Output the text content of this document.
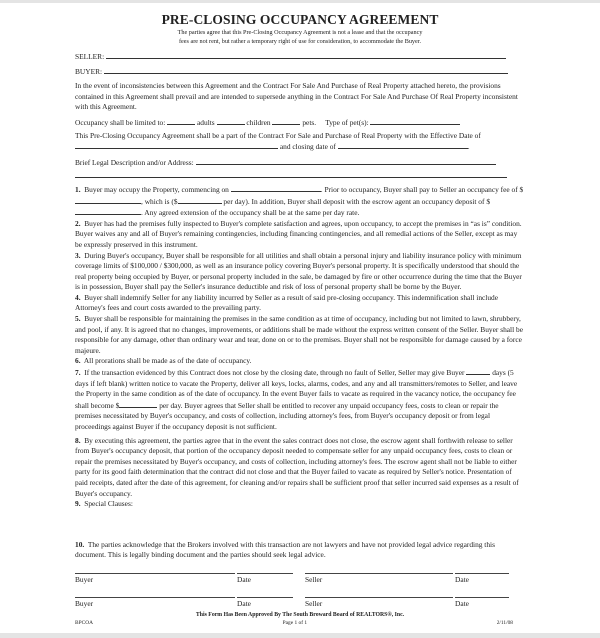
PRE-CLOSING OCCUPANCY AGREEMENT
The parties agree that this Pre-Closing Occupancy Agreement is not a lease and that the occupancy
fees are not rent, but rather a temporary right of use for consideration, to accommodate the Buyer.

SELLER:

BUYER:

In the event of inconsistencies between this Agreement and the Contract For Sale And Purchase of Real Property attached hereto, the provisions contained in this Agreement shall prevail and are intended to supersede anything in the Contract For Sale And Purchase Of Real Property inconsistent with this Agreement.

Occupancy shall be limited to:	adults	children	pets. Type of pet(s):

This Pre-Closing Occupancy Agreement shall be a part of the Contract For Sale and Purchase of Real Property with the Effective Date of
and closing date of	.

Brief Legal Description and/or Address:

1. Buyer may occupy the Property, commencing on	. Prior to occupancy, Buyer shall pay to Seller an occupancy fee of $, which is ($	per day). In addition, Buyer shall deposit with the escrow agent an occupancy deposit of $. Any agreed extension of the occupancy shall be at the same per day rate.

2. Buyer has had the premises fully inspected to Buyer's complete satisfaction and agrees, upon occupancy, to accept the premises in “as is” condition. Buyer waives any and all of Buyer's remaining contingencies, including financing contingencies, and all remedial actions of the Seller, except as may be expressly preserved in this instrument.

3. During Buyer's occupancy, Buyer shall be responsible for all utilities and shall obtain a personal injury and liability insurance policy with minimum coverage limits of $100,000 / $300,000, as well as an insurance policy covering Buyer's personal property. It is specifically understood that should the real property being occupied by Buyer, or personal property included in the sale, be damaged by fire or other occurrence during the time that the Buyer is in possession, Buyer shall pay the Seller's insurance deductible and risk of loss of personal property shall be borne by the Buyer.

4. Buyer shall indemnify Seller for any liability incurred by Seller as a result of said pre-closing occupancy. This indemnification shall include Attorney's fees and court costs awarded to the prevailing party.

5. Buyer shall be responsible for maintaining the premises in the same condition as at time of occupancy, including but not limited to lawn, shrubbery, and pool, if any. It is agreed that no changes, improvements, or additions shall be made without the express written consent of the Seller. Buyer shall be responsible for any damage, other than ordinary wear and tear, done on or to the premises. Buyer shall not be responsible for damage caused by a force majeure.

6. All prorations shall be made as of the date of occupancy.

7. If the transaction evidenced by this Contract does not close by the closing date, through no fault of Seller, Seller may give Buyer	days (5 days if left blank) written notice to vacate the Property, deliver all keys, locks, alarms, codes, and any and all transmitters/remotes to Seller, and leave the Property in the same condition as of the date of occupancy. In the event Buyer fails to vacate as required in the vacancy notice, the occupancy fee shall become $	per day. Buyer agrees that Seller shall be entitled to recover any unpaid occupancy fees, costs to clean or repair the premises necessitated by Buyer's occupancy, and costs of collection, including attorney's fees, from Buyer's occupancy deposit or from legal proceedings against Buyer if the occupancy deposit is not sufficient.

8. By executing this agreement, the parties agree that in the event the sales contract does not close, the escrow agent shall forthwith release to seller from Buyer's occupancy deposit, that portion of the occupancy deposit needed to compensate seller for any unpaid occupancy fees, costs to clean or repair the premises necessitated by Buyer's occupancy, and costs of collection, including attorney's fees. The escrow agent shall not be liable to either party for its good faith determination that the contract did not close and that the Buyer failed to vacate as required by Seller's notice. Presentation of paid receipts, dated after the date of this agreement, for cleaning and/or repairs shall be sufficient proof that seller incurred said expenses as a result of Buyer's occupancy.

9. Special Clauses:

10. The parties acknowledge that the Brokers involved with this transaction are not lawyers and have not provided legal advice regarding this document. This is legally binding document and the parties should seek legal advice.

Buyer	Date	Seller	Date
Buyer	Date	Seller	Date
This Form Has Been Approved By The South Broward Board of REALTORS®, Inc.
BPCOA	Page 1 of 1	2/11/08
